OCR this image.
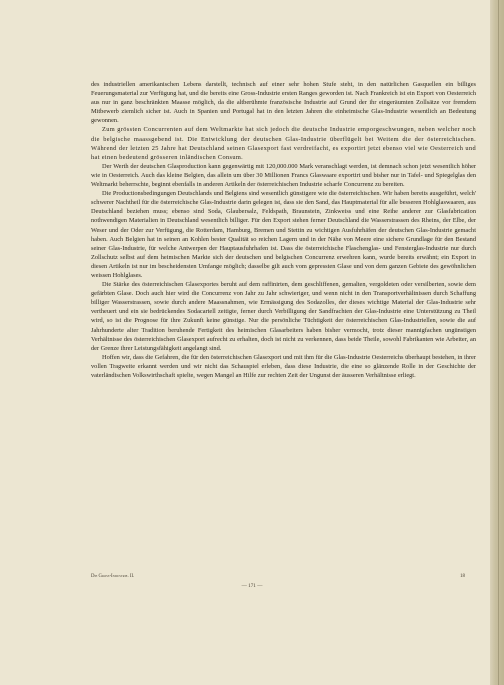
des industriellen amerikanischen Lebens darstellt, technisch auf einer sehr hohen Stufe steht, in den natürlichen Gasquellen ein billiges Feuerungsmaterial zur Verfügung hat, und die bereits eine Gross-Industrie ersten Ranges geworden ist. Nach Frankreich ist ein Export von Oesterreich aus nur in ganz beschränkten Maasse möglich, da die altberühmte französische Industrie auf Grund der ihr eingeräumten Zollsätze vor fremdem Mitbewerb ziemlich sicher ist. Auch in Spanien und Portugal hat in den letzten Jahren die einheimische Glas-Industrie wesentlich an Bedeutung gewonnen.

Zum grössten Concurrenten auf dem Weltmarkte hat sich jedoch die deutsche Industrie emporgeschwungen, neben welcher noch die belgische maassgebend ist. Die Entwicklung der deutschen Glas-Industrie überflügelt bei Weitem die der österreichischen. Während der letzten 25 Jahre hat Deutschland seinen Glasexport fast verdreifacht, es exportirt jetzt ebenso viel wie Oesterreich und hat einen bedeutend grösseren inländischen Consum.

Der Werth der deutschen Glasproduction kann gegenwärtig mit 120,000.000 Mark veranschlagt werden, ist demnach schon jetzt wesentlich höher wie in Oesterreich. Auch das kleine Belgien, das allein um über 30 Millionen Francs Glaswaare exportirt und bisher nur in Tafel- und Spiegelglas den Weltmarkt beherrschte, beginnt ebenfalls in anderen Artikeln der österreichischen Industrie scharfe Concurrenz zu bereiten.

Die Productionsbedingungen Deutschlands und Belgiens sind wesentlich günstigere wie die österreichischen. Wir haben bereits ausgeführt, welch' schwerer Nachtheil für die österreichische Glas-Industrie darin gelegen ist, dass sie den Sand, das Hauptmaterial für alle besseren Hohlglaswaaren, aus Deutschland beziehen muss; ebenso sind Soda, Glaubersalz, Feldspath, Braunstein, Zinkweiss und eine Reihe anderer zur Glasfabrication nothwendigen Materialien in Deutschland wesentlich billiger. Für den Export stehen ferner Deutschland die Wasserstrassen des Rheins, der Elbe, der Weser und der Oder zur Verfügung, die Rotterdam, Hamburg, Bremen und Stettin zu wichtigen Ausfuhrhäfen der deutschen Glas-Industrie gemacht haben. Auch Belgien hat in seinen an Kohlen bester Qualität so reichen Lagern und in der Nähe von Meere eine sichere Grundlage für den Bestand seiner Glas-Industrie, für welche Antwerpen der Hauptausfuhrhafen ist. Dass die österreichische Flaschenglas- und Fensterglas-Industrie nur durch Zollschutz selbst auf dem heimischen Markte sich der deutschen und belgischen Concurrenz erwehren kann, wurde bereits erwähnt; ein Export in diesen Artikeln ist nur im bescheidensten Umfange möglich; dasselbe gilt auch vom gepressten Glase und von dem ganzen Gebiete des gewöhnlichen weissen Hohlglases.

Die Stärke des österreichischen Glasexportes beruht auf dem raffinirten, dem geschliffenen, gemalten, vergoldeten oder versilberten, sowie dem gefärbten Glase. Doch auch hier wird die Concurrenz von Jahr zu Jahr schwieriger, und wenn nicht in den Transportverhältnissen durch Schaffung billiger Wasserstrassen, sowie durch andere Maassnahmen, wie Ermässigung des Sodazolles, der dieses wichtige Material der Glas-Industrie sehr vertheuert und ein sie bedrückendes Sodacartell zeitigte, ferner durch Verbilligung der Sandfrachten der Glas-Industrie eine Unterstützung zu Theil wird, so ist die Prognose für ihre Zukunft keine günstige. Nur die persönliche Tüchtigkeit der österreichischen Glas-Industriellen, sowie die auf Jahrhunderte alter Tradition beruhende Fertigkeit des heimischen Glasarbeiters haben bisher vermocht, trotz dieser mannigfachen ungünstigen Verhältnisse des österreichischen Glasexport aufrecht zu erhalten, doch ist nicht zu verkennen, dass beide Theile, sowohl Fabrikanten wie Arbeiter, an der Grenze ihrer Leistungsfähigkeit angelangt sind.

Hoffen wir, dass die Gefahren, die für den österreichischen Glasexport und mit ihm für die Glas-Industrie Oesterreichs überhaupt bestehen, in ihrer vollen Tragweite erkannt werden und wir nicht das Schauspiel erleben, dass diese Industrie, die eine so glänzende Rolle in der Geschichte der vaterländischen Volkswirthschaft spielte, wegen Mangel an Hilfe zur rechten Zeit der Ungunst der äusseren Verhältnisse erliegt.

Die Gross-Industrie. II.	18
— 171 —
